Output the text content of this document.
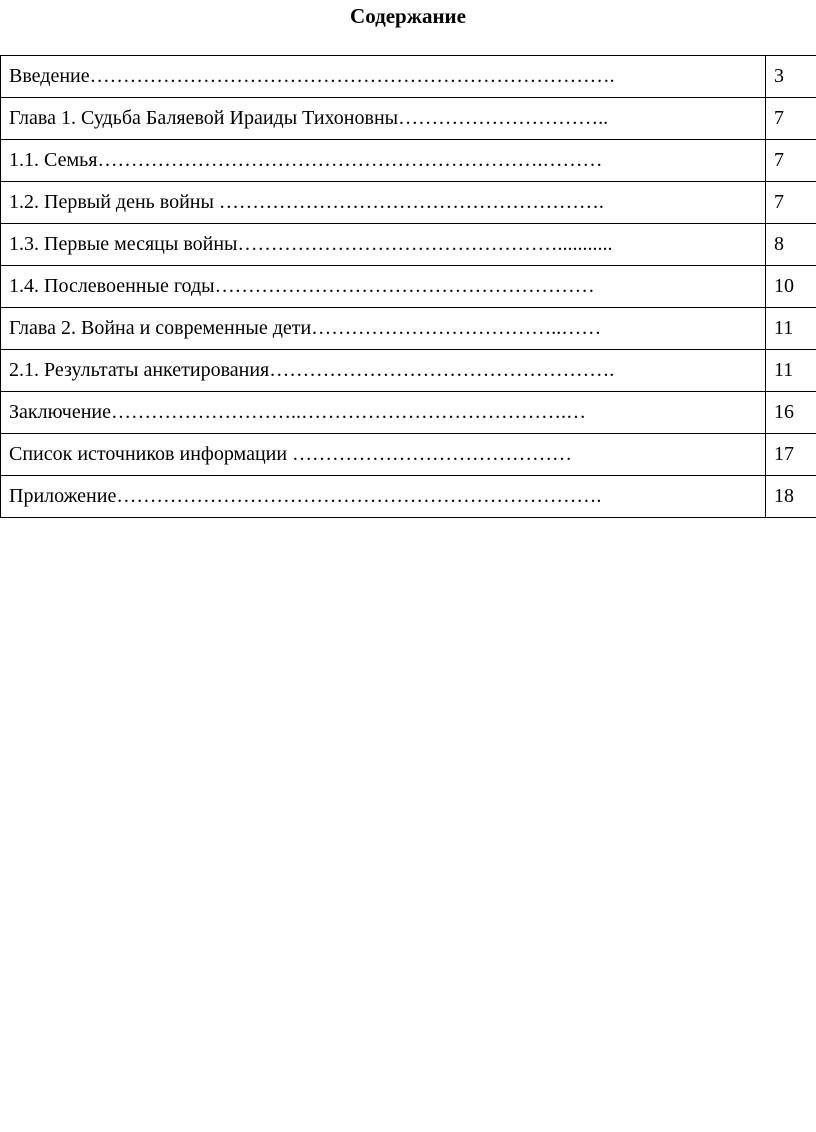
Содержание
Введение…………………………………………………………………….	3
Глава 1. Судьба Баляевой Ираиды Тихоновны…………………………..	7
1.1. Семья………………………………………………………….………	7
1.2. Первый день войны ………………………………………………….	7
1.3. Первые месяцы войны…………………………………………...........	8
1.4. Послевоенные годы…………………………………………………	10
Глава 2. Война и современные дети………………………………..……	11
2.1. Результаты анкетирования…………………………………………….	11
Заключение………………………..………………………………….…	16
Список источников информации ……………………………………	17
Приложение……………………………………………………………….	18
